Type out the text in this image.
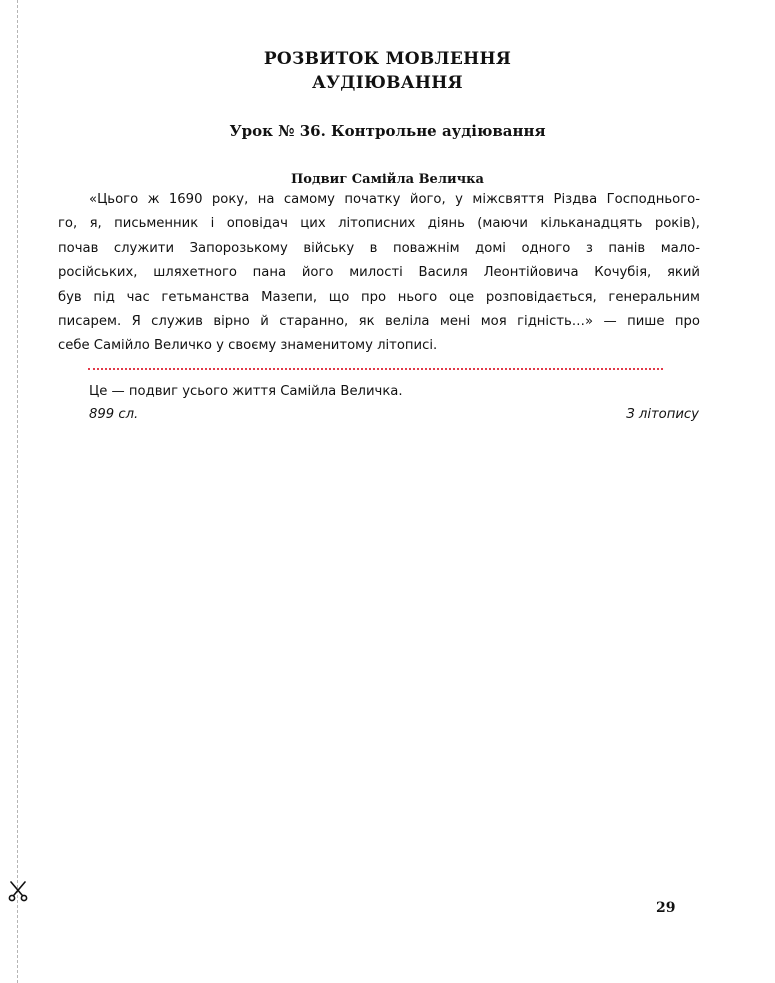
РОЗВИТОК МОВЛЕННЯ
АУДІЮВАННЯ
Урок № 36. Контрольне аудіювання
Подвиг Самійла Величка
«Цього ж 1690 року, на самому початку його, у міжсвяття Різдва Господнього-
го, я, письменник і оповідач цих літописних діянь (маючи кільканадцять років),
почав служити Запорозькому війську в поважнім домі одного з панів мало-
російських, шляхетного пана його милості Василя Леонтійовича Кочубія, який
був під час гетьманства Мазепи, що про нього оце розповідається, генеральним
писарем. Я служив вірно й старанно, як веліла мені моя гідність…» — пише про
себе Самійло Величко у своєму знаменитому літописі.
Це — подвиг усього життя Самійла Величка.
899 сл.	З літопису
29
